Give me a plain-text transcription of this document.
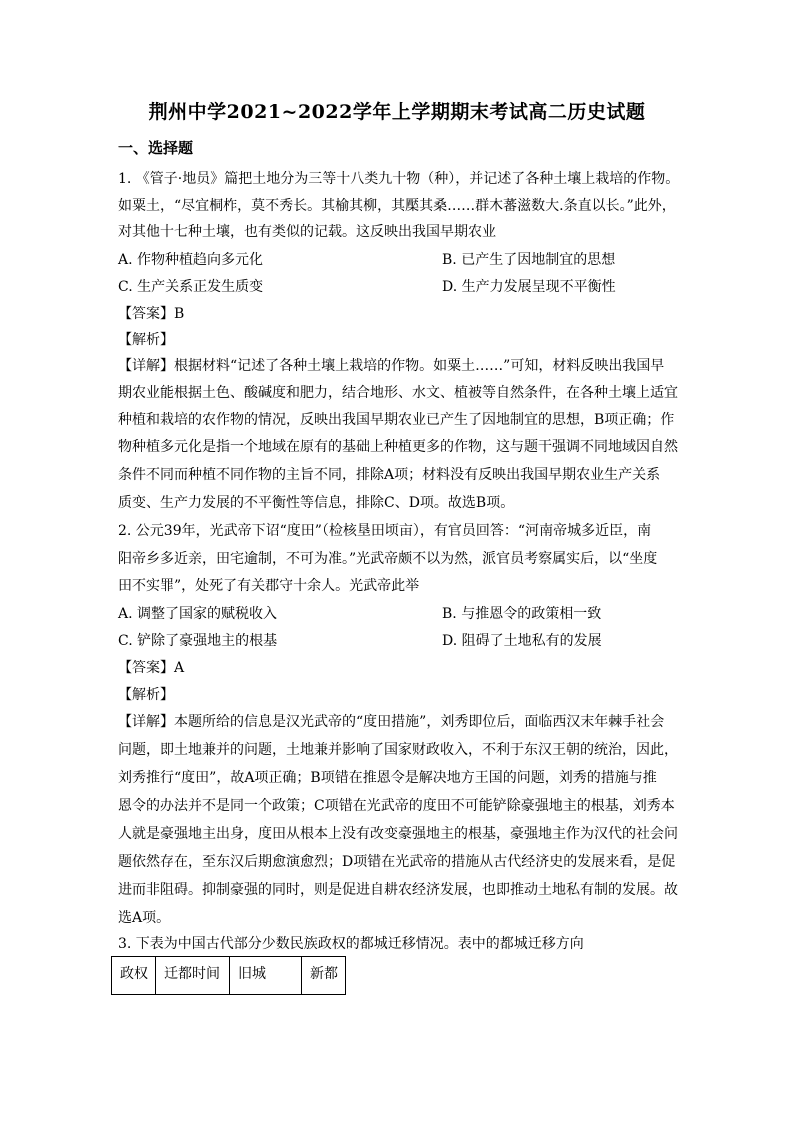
荆州中学2021~2022学年上学期期末考试高二历史试题
一、选择题
1. 《管子·地员》篇把土地分为三等十八类九十物（种），并记述了各种土壤上栽培的作物。
如粟土，“尽宜桐柞，莫不秀长。其榆其柳，其檿其桑……群木蕃滋数大.条直以长。”此外，
对其他十七种土壤，也有类似的记载。这反映出我国早期农业
A. 作物种植趋向多元化	B. 已产生了因地制宜的思想
C. 生产关系正发生质变	D. 生产力发展呈现不平衡性
【答案】B
【解析】
【详解】根据材料“记述了各种土壤上栽培的作物。如粟土……”可知，材料反映出我国早
期农业能根据土色、酸碱度和肥力，结合地形、水文、植被等自然条件，在各种土壤上适宜
种植和栽培的农作物的情况，反映出我国早期农业已产生了因地制宜的思想，B项正确；作
物种植多元化是指一个地域在原有的基础上种植更多的作物，这与题干强调不同地域因自然
条件不同而种植不同作物的主旨不同，排除A项；材料没有反映出我国早期农业生产关系
质变、生产力发展的不平衡性等信息，排除C、D项。故选B项。
2. 公元39年，光武帝下诏“度田”（检核垦田顷亩），有官员回答：“河南帝城多近臣，南
阳帝乡多近亲，田宅逾制，不可为准。”光武帝颇不以为然，派官员考察属实后，以“坐度
田不实罪”，处死了有关郡守十余人。光武帝此举
A. 调整了国家的赋税收入	B. 与推恩令的政策相一致
C. 铲除了豪强地主的根基	D. 阻碍了土地私有的发展
【答案】A
【解析】
【详解】本题所给的信息是汉光武帝的“度田措施”，刘秀即位后，面临西汉末年棘手社会
问题，即土地兼并的问题，土地兼并影响了国家财政收入，不利于东汉王朝的统治，因此，
刘秀推行“度田”，故A项正确；B项错在推恩令是解决地方王国的问题，刘秀的措施与推
恩令的办法并不是同一个政策；C项错在光武帝的度田不可能铲除豪强地主的根基，刘秀本
人就是豪强地主出身，度田从根本上没有改变豪强地主的根基，豪强地主作为汉代的社会问
题依然存在，至东汉后期愈演愈烈；D项错在光武帝的措施从古代经济史的发展来看，是促
进而非阻碍。抑制豪强的同时，则是促进自耕农经济发展，也即推动土地私有制的发展。故
选A项。
3. 下表为中国古代部分少数民族政权的都城迁移情况。表中的都城迁移方向
政权	迁都时间	旧城	新都
